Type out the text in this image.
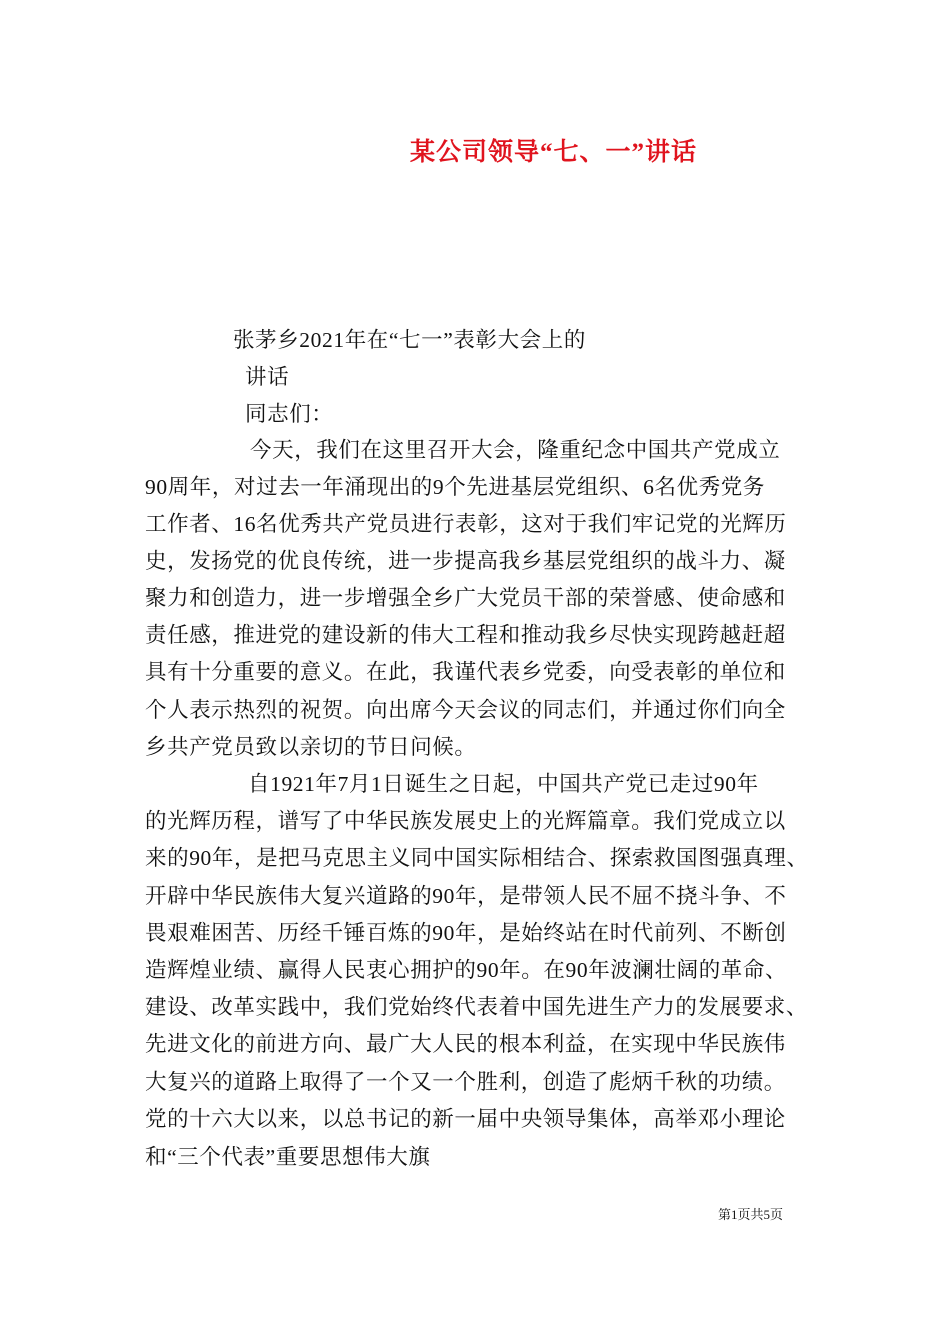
某公司领导“七、一”讲话
张茅乡2021年在“七一”表彰大会上的
讲话
同志们：
今天，我们在这里召开大会，隆重纪念中国共产党成立
90周年，对过去一年涌现出的9个先进基层党组织、6名优秀党务
工作者、16名优秀共产党员进行表彰，这对于我们牢记党的光辉历
史，发扬党的优良传统，进一步提高我乡基层党组织的战斗力、凝
聚力和创造力，进一步增强全乡广大党员干部的荣誉感、使命感和
责任感，推进党的建设新的伟大工程和推动我乡尽快实现跨越赶超
具有十分重要的意义。在此，我谨代表乡党委，向受表彰的单位和
个人表示热烈的祝贺。向出席今天会议的同志们，并通过你们向全
乡共产党员致以亲切的节日问候。
自1921年7月1日诞生之日起，中国共产党已走过90年
的光辉历程，谱写了中华民族发展史上的光辉篇章。我们党成立以
来的90年，是把马克思主义同中国实际相结合、探索救国图强真理、
开辟中华民族伟大复兴道路的90年，是带领人民不屈不挠斗争、不
畏艰难困苦、历经千锤百炼的90年，是始终站在时代前列、不断创
造辉煌业绩、赢得人民衷心拥护的90年。在90年波澜壮阔的革命、
建设、改革实践中，我们党始终代表着中国先进生产力的发展要求、
先进文化的前进方向、最广大人民的根本利益，在实现中华民族伟
大复兴的道路上取得了一个又一个胜利，创造了彪炳千秋的功绩。
党的十六大以来，以总书记的新一届中央领导集体，高举邓小理论
和“三个代表”重要思想伟大旗
第1页共5页
